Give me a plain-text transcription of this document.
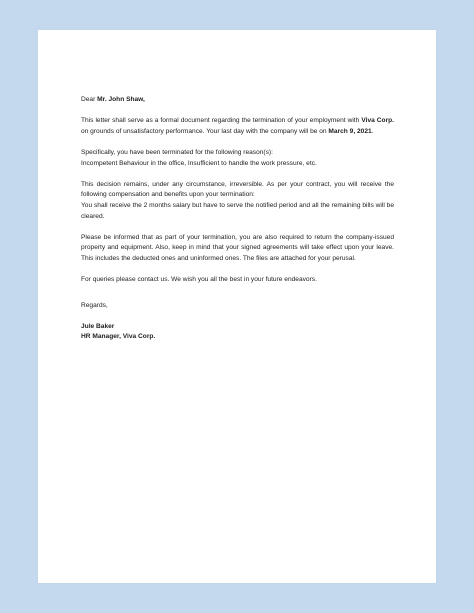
Dear Mr. John Shaw,

This letter shall serve as a formal document regarding the termination of your employment with Viva Corp. on grounds of unsatisfactory performance. Your last day with the company will be on March 9, 2021.

Specifically, you have been terminated for the following reason(s):
Incompetent Behaviour in the office, Insufficient to handle the work pressure, etc.

This decision remains, under any circumstance, irreversible. As per your contract, you will receive the following compensation and benefits upon your termination:
You shall receive the 2 months salary but have to serve the notified period and all the remaining bills will be cleared.

Please be informed that as part of your termination, you are also required to return the company-issued property and equipment. Also, keep in mind that your signed agreements will take effect upon your leave. This includes the deducted ones and uninformed ones. The files are attached for your perusal.

For queries please contact us. We wish you all the best in your future endeavors.

Regards,
Jule Baker
HR Manager, Viva Corp.
